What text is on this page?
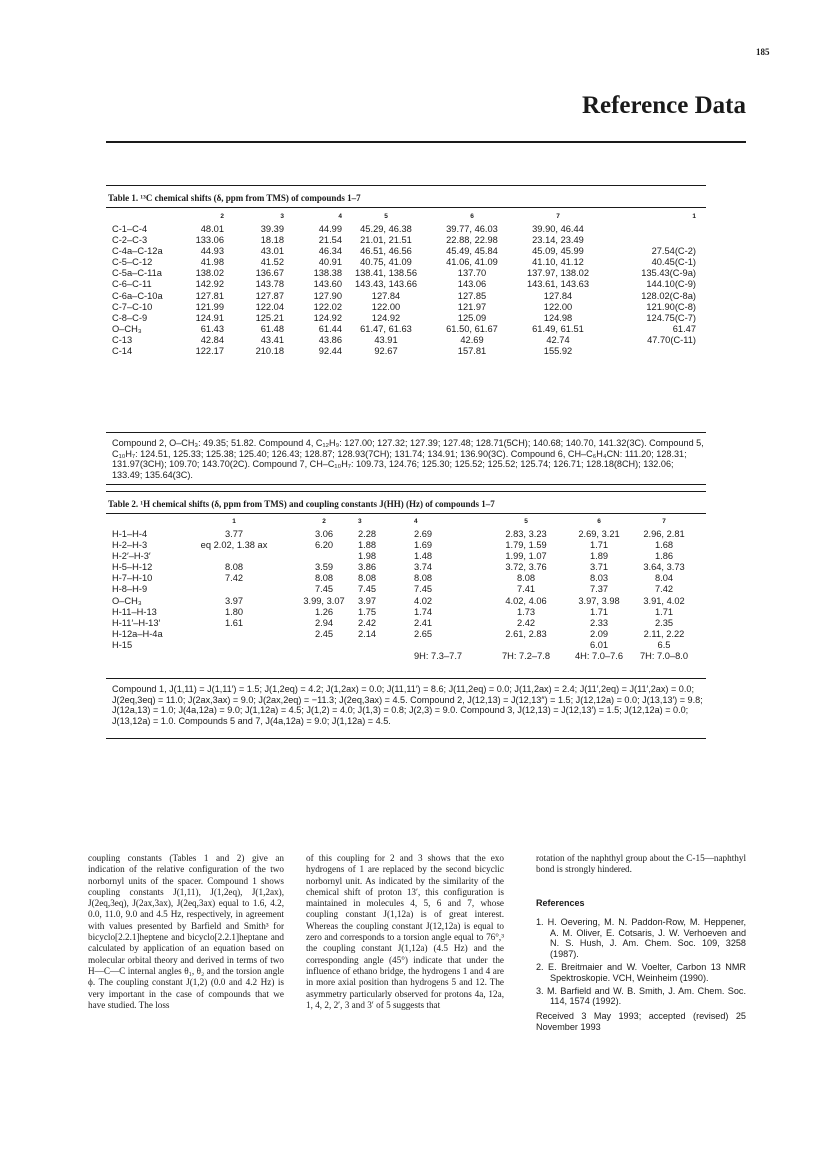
185
Reference Data
Table 1. ¹³C chemical shifts (δ, ppm from TMS) of compounds 1–7
	2	3	4	5	6	7	1
C-1–C-4	48.01	39.39	44.99	45.29, 46.38	39.77, 46.03	39.90, 46.44	
C-2–C-3	133.06	18.18	21.54	21.01, 21.51	22.88, 22.98	23.14, 23.49	
C-4a–C-12a	44.93	43.01	46.34	46.51, 46.56	45.49, 45.84	45.09, 45.99	27.54(C-2)
C-5–C-12	41.98	41.52	40.91	40.75, 41.09	41.06, 41.09	41.10, 41.12	40.45(C-1)
C-5a–C-11a	138.02	136.67	138.38	138.41, 138.56	137.70	137.97, 138.02	135.43(C-9a)
C-6–C-11	142.92	143.78	143.60	143.43, 143.66	143.06	143.61, 143.63	144.10(C-9)
C-6a–C-10a	127.81	127.87	127.90	127.84	127.85	127.84	128.02(C-8a)
C-7–C-10	121.99	122.04	122.02	122.00	121.97	122.00	121.90(C-8)
C-8–C-9	124.91	125.21	124.92	124.92	125.09	124.98	124.75(C-7)
O–CH₃	61.43	61.48	61.44	61.47, 61.63	61.50, 61.67	61.49, 61.51	61.47
C-13	42.84	43.41	43.86	43.91	42.69	42.74	47.70(C-11)
C-14	122.17	210.18	92.44	92.67	157.81	155.92	
Compound 2, O–CH₃: 49.35; 51.82. Compound 4, C₁₂H₉: 127.00; 127.32; 127.39; 127.48; 128.71(5CH); 140.68; 140.70, 141.32(3C). Compound 5, C₁₀H₇: 124.51, 125.33; 125.38; 125.40; 126.43; 128.87; 128.93(7CH); 131.74; 134.91; 136.90(3C). Compound 6, CH–C₆H₄CN: 111.20; 128.31; 131.97(3CH); 109.70; 143.70(2C). Compound 7, CH–C₁₀H₇: 109.73, 124.76; 125.30; 125.52; 125.52; 125.74; 126.71; 128.18(8CH); 132.06; 133.49; 135.64(3C).
Table 2. ¹H chemical shifts (δ, ppm from TMS) and coupling constants J(HH) (Hz) of compounds 1–7
	1	2	3	4	5	6	7
H-1–H-4	3.77	3.06	2.28	2.69	2.83, 3.23	2.69, 3.21	2.96, 2.81
H-2–H-3	eq 2.02, 1.38 ax	6.20	1.88	1.69	1.79, 1.59	1.71	1.68
H-2′–H-3′			1.98	1.48	1.99, 1.07	1.89	1.86
H-5–H-12	8.08	3.59	3.86	3.74	3.72, 3.76	3.71	3.64, 3.73
H-7–H-10	7.42	8.08	8.08	8.08	8.08	8.03	8.04
H-8–H-9		7.45	7.45	7.45	7.41	7.37	7.42
O–CH₃	3.97	3.99, 3.07	3.97	4.02	4.02, 4.06	3.97, 3.98	3.91, 4.02
H-11–H-13	1.80	1.26	1.75	1.74	1.73	1.71	1.71
H-11′–H-13′	1.61	2.94	2.42	2.41	2.42	2.33	2.35
H-12a–H-4a		2.45	2.14	2.65	2.61, 2.83	2.09	2.11, 2.22
H-15						6.01	6.5
				9H: 7.3–7.7	7H: 7.2–7.8	4H: 7.0–7.6	7H: 7.0–8.0
Compound 1, J(1,11) = J(1,11′) = 1.5; J(1,2eq) = 4.2; J(1,2ax) = 0.0; J(11,11′) = 8.6; J(11,2eq) = 0.0; J(11,2ax) = 2.4; J(11′,2eq) = J(11′,2ax) = 0.0; J(2eq,3eq) = 11.0; J(2ax,3ax) = 9.0; J(2ax,2eq) = −11.3; J(2eq,3ax) = 4.5. Compound 2, J(12,13) = J(12,13″) = 1.5; J(12,12a) = 0.0; J(13,13′) = 9.8; J(12a,13) = 1.0; J(4a,12a) = 9.0; J(1,12a) = 4.5; J(1,2) = 4.0; J(1,3) = 0.8; J(2,3) = 9.0. Compound 3, J(12,13) = J(12,13′) = 1.5; J(12,12a) = 0.0; J(13,12a) = 1.0. Compounds 5 and 7, J(4a,12a) = 9.0; J(1,12a) = 4.5.
coupling constants (Tables 1 and 2) give an indication of the relative configuration of the two norbornyl units of the spacer. Compound 1 shows coupling constants J(1,11), J(1,2eq), J(1,2ax), J(2eq,3eq), J(2ax,3ax), J(2eq,3ax) equal to 1.6, 4.2, 0.0, 11.0, 9.0 and 4.5 Hz, respectively, in agreement with values presented by Barfield and Smith³ for bicyclo[2.2.1]heptene and bicyclo[2.2.1]heptane and calculated by application of an equation based on molecular orbital theory and derived in terms of two H—C—C internal angles θ₁, θ₂ and the torsion angle ϕ. The coupling constant J(1,2) (0.0 and 4.2 Hz) is very important in the case of compounds that we have studied. The loss
of this coupling for 2 and 3 shows that the exo hydrogens of 1 are replaced by the second bicyclic norbornyl unit. As indicated by the similarity of the chemical shift of proton 13′, this configuration is maintained in molecules 4, 5, 6 and 7, whose coupling constant J(1,12a) is of great interest. Whereas the coupling constant J(12,12a) is equal to zero and corresponds to a torsion angle equal to 76°,³ the coupling constant J(1,12a) (4.5 Hz) and the corresponding angle (45°) indicate that under the influence of ethano bridge, the hydrogens 1 and 4 are in more axial position than hydrogens 5 and 12. The asymmetry particularly observed for protons 4a, 12a, 1, 4, 2, 2′, 3 and 3′ of 5 suggests that
rotation of the naphthyl group about the C-15—naphthyl bond is strongly hindered.
References
1. H. Oevering, M. N. Paddon-Row, M. Heppener, A. M. Oliver, E. Cotsaris, J. W. Verhoeven and N. S. Hush, J. Am. Chem. Soc. 109, 3258 (1987).
2. E. Breitmaier and W. Voelter, Carbon 13 NMR Spektroskopie. VCH, Weinheim (1990).
3. M. Barfield and W. B. Smith, J. Am. Chem. Soc. 114, 1574 (1992).
Received 3 May 1993; accepted (revised) 25 November 1993
